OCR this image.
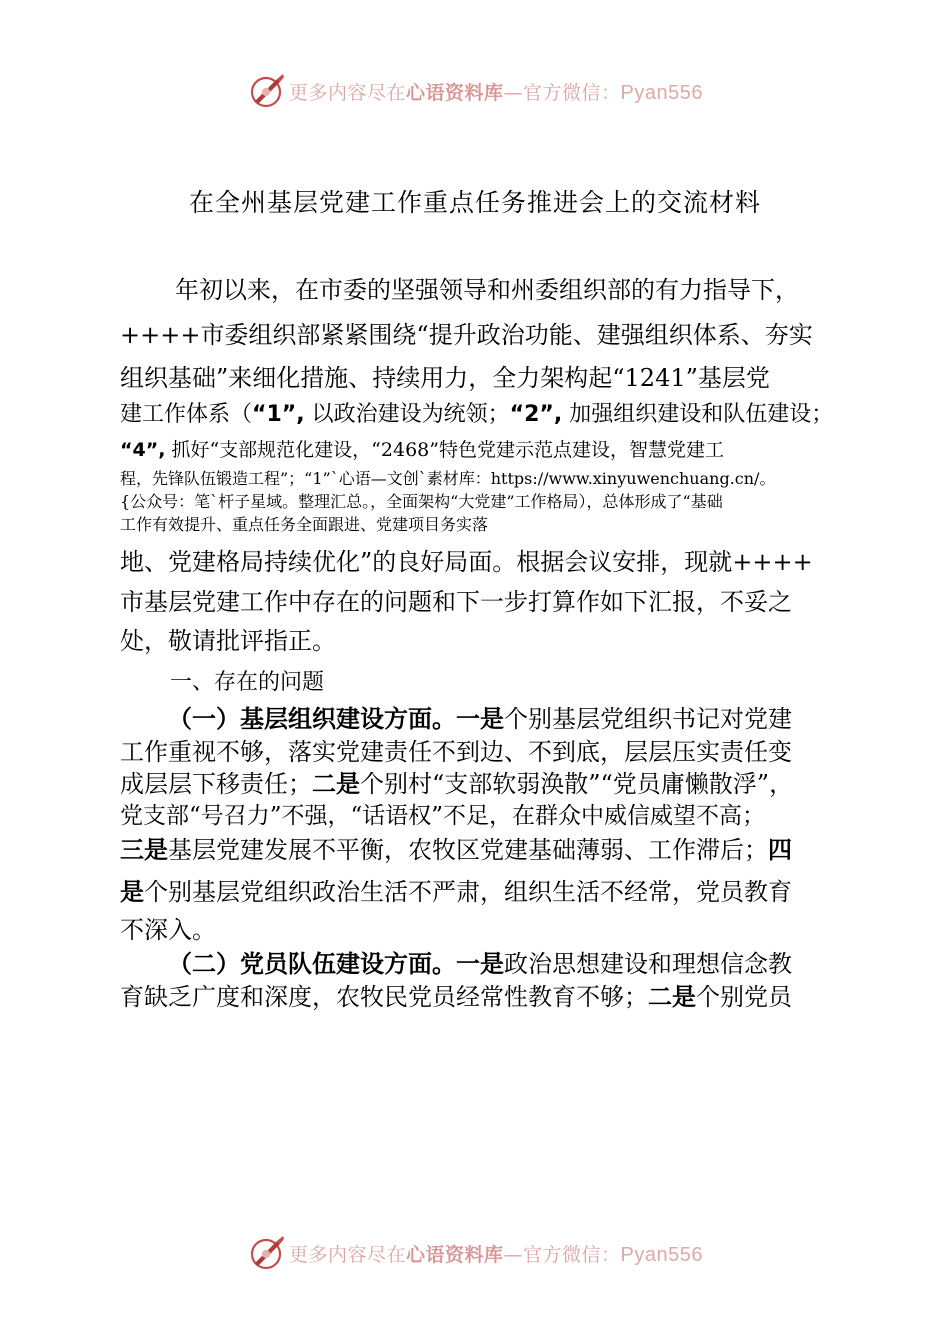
更多内容尽在心语资料库—官方微信：Pyan556
在全州基层党建工作重点任务推进会上的交流材料
年初以来，在市委的坚强领导和州委组织部的有力指导下，
++++市委组织部紧紧围绕“提升政治功能、建强组织体系、夯实
组织基础”来细化措施、持续用力，全力架构起“1241”基层党
建工作体系（“1”, 以政治建设为统领；“2”, 加强组织建设和队伍建设；
“4”, 抓好“支部规范化建设，“2468”特色党建示范点建设，智慧党建工
程，先锋队伍锻造工程”；“1”`心语—文创`素材库：https://www.xinyuwenchuang.cn/。
{公众号：笔`杆子星域。整理汇总。，全面架构“大党建”工作格局），总体形成了“基础
工作有效提升、重点任务全面跟进、党建项目务实落
地、党建格局持续优化”的良好局面。根据会议安排，现就++++
市基层党建工作中存在的问题和下一步打算作如下汇报，不妥之
处，敬请批评指正。
一、存在的问题
（一）基层组织建设方面。一是个别基层党组织书记对党建
工作重视不够，落实党建责任不到边、不到底，层层压实责任变
成层层下移责任；二是个别村“支部软弱涣散”“党员庸懒散浮”，
党支部“号召力”不强，“话语权”不足，在群众中威信威望不高；
三是基层党建发展不平衡，农牧区党建基础薄弱、工作滞后；四
是个别基层党组织政治生活不严肃，组织生活不经常，党员教育
不深入。
（二）党员队伍建设方面。一是政治思想建设和理想信念教
育缺乏广度和深度，农牧民党员经常性教育不够；二是个别党员
更多内容尽在心语资料库—官方微信：Pyan556
